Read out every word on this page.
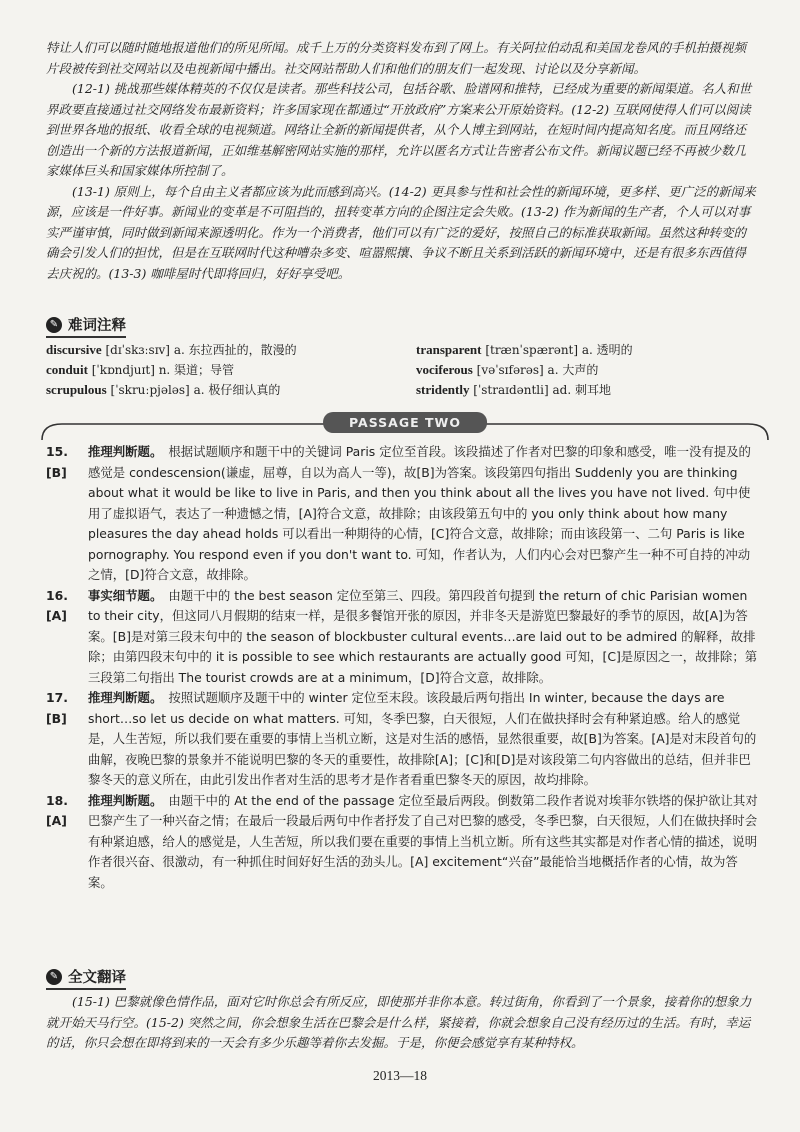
特让人们可以随时随地报道他们的所见所闻。成千上万的分类资料发布到了网上。有关阿拉伯动乱和美国龙卷风的手机拍摄视频片段被传到社交网站以及电视新闻中播出。社交网站帮助人们和他们的朋友们一起发现、讨论以及分享新闻。

(12-1) 挑战那些媒体精英的不仅仅是读者。那些科技公司，包括谷歌、脸谱网和推特，已经成为重要的新闻渠道。名人和世界政要直接通过社交网络发布最新资料；许多国家现在都通过“开放政府”方案来公开原始资料。(12-2) 互联网使得人们可以阅读到世界各地的报纸、收看全球的电视频道。网络让全新的新闻提供者，从个人博主到网站，在短时间内提高知名度。而且网络还创造出一个新的方法报道新闻，正如维基解密网站实施的那样，允许以匿名方式让告密者公布文件。新闻议题已经不再被少数几家媒体巨头和国家媒体所控制了。

(13-1) 原则上，每个自由主义者都应该为此而感到高兴。(14-2) 更具参与性和社会性的新闻环境，更多样、更广泛的新闻来源，应该是一件好事。新闻业的变革是不可阻挡的，扭转变革方向的企图注定会失败。(13-2) 作为新闻的生产者，个人可以对事实严谨审慎，同时做到新闻来源透明化。作为一个消费者，他们可以有广泛的爱好，按照自己的标准获取新闻。虽然这种转变的确会引发人们的担忧，但是在互联网时代这种嘈杂多变、喧嚣熙攘、争议不断且关系到活跃的新闻环境中，还是有很多东西值得去庆祝的。(13-3) 咖啡屋时代即将回归，好好享受吧。

✎ 难词注释
discursive [dɪˈskɜːsɪv] a. 东拉西扯的，散漫的	transparent [trænˈspærənt] a. 透明的
conduit [ˈkɒndjuɪt] n. 渠道；导管	vociferous [vəˈsɪfərəs] a. 大声的
scrupulous [ˈskruːpjələs] a. 极仔细认真的	stridently [ˈstraɪdəntli] ad. 刺耳地
PASSAGE TWO
15. [B]
推理判断题。 根据试题顺序和题干中的关键词 Paris 定位至首段。该段描述了作者对巴黎的印象和感受，唯一没有提及的感觉是 condescension(谦虚，屈尊，自以为高人一等)，故[B]为答案。该段第四句指出 Suddenly you are thinking about what it would be like to live in Paris, and then you think about all the lives you have not lived. 句中使用了虚拟语气，表达了一种遗憾之情，[A]符合文意，故排除；由该段第五句中的 you only think about how many pleasures the day ahead holds 可以看出一种期待的心情，[C]符合文意，故排除；而由该段第一、二句 Paris is like pornography. You respond even if you don't want to. 可知，作者认为，人们内心会对巴黎产生一种不可自持的冲动之情，[D]符合文意，故排除。
16. [A]
事实细节题。 由题干中的 the best season 定位至第三、四段。第四段首句提到 the return of chic Parisian women to their city，但这同八月假期的结束一样，是很多餐馆开张的原因，并非冬天是游览巴黎最好的季节的原因，故[A]为答案。[B]是对第三段末句中的 the season of blockbuster cultural events…are laid out to be admired 的解释，故排除；由第四段末句中的 it is possible to see which restaurants are actually good 可知，[C]是原因之一，故排除；第三段第二句指出 The tourist crowds are at a minimum，[D]符合文意，故排除。
17. [B]
推理判断题。 按照试题顺序及题干中的 winter 定位至末段。该段最后两句指出 In winter, because the days are short…so let us decide on what matters. 可知，冬季巴黎，白天很短，人们在做抉择时会有种紧迫感。给人的感觉是，人生苦短，所以我们要在重要的事情上当机立断，这是对生活的感悟，显然很重要，故[B]为答案。[A]是对末段首句的曲解，夜晚巴黎的景象并不能说明巴黎的冬天的重要性，故排除[A]；[C]和[D]是对该段第二句内容做出的总结，但并非巴黎冬天的意义所在，由此引发出作者对生活的思考才是作者看重巴黎冬天的原因，故均排除。
18. [A]
推理判断题。 由题干中的 At the end of the passage 定位至最后两段。倒数第二段作者说对埃菲尔铁塔的保护欲让其对巴黎产生了一种兴奋之情；在最后一段最后两句中作者抒发了自己对巴黎的感受，冬季巴黎，白天很短，人们在做抉择时会有种紧迫感，给人的感觉是，人生苦短，所以我们要在重要的事情上当机立断。所有这些其实都是对作者心情的描述，说明作者很兴奋、很激动，有一种抓住时间好好生活的劲头儿。[A] excitement“兴奋”最能恰当地概括作者的心情，故为答案。
✎ 全文翻译

(15-1) 巴黎就像色情作品，面对它时你总会有所反应，即使那并非你本意。转过街角，你看到了一个景象，接着你的想象力就开始天马行空。(15-2) 突然之间，你会想象生活在巴黎会是什么样，紧接着，你就会想象自己没有经历过的生活。有时，幸运的话，你只会想在即将到来的一天会有多少乐趣等着你去发掘。于是，你便会感觉享有某种特权。

2013—18
